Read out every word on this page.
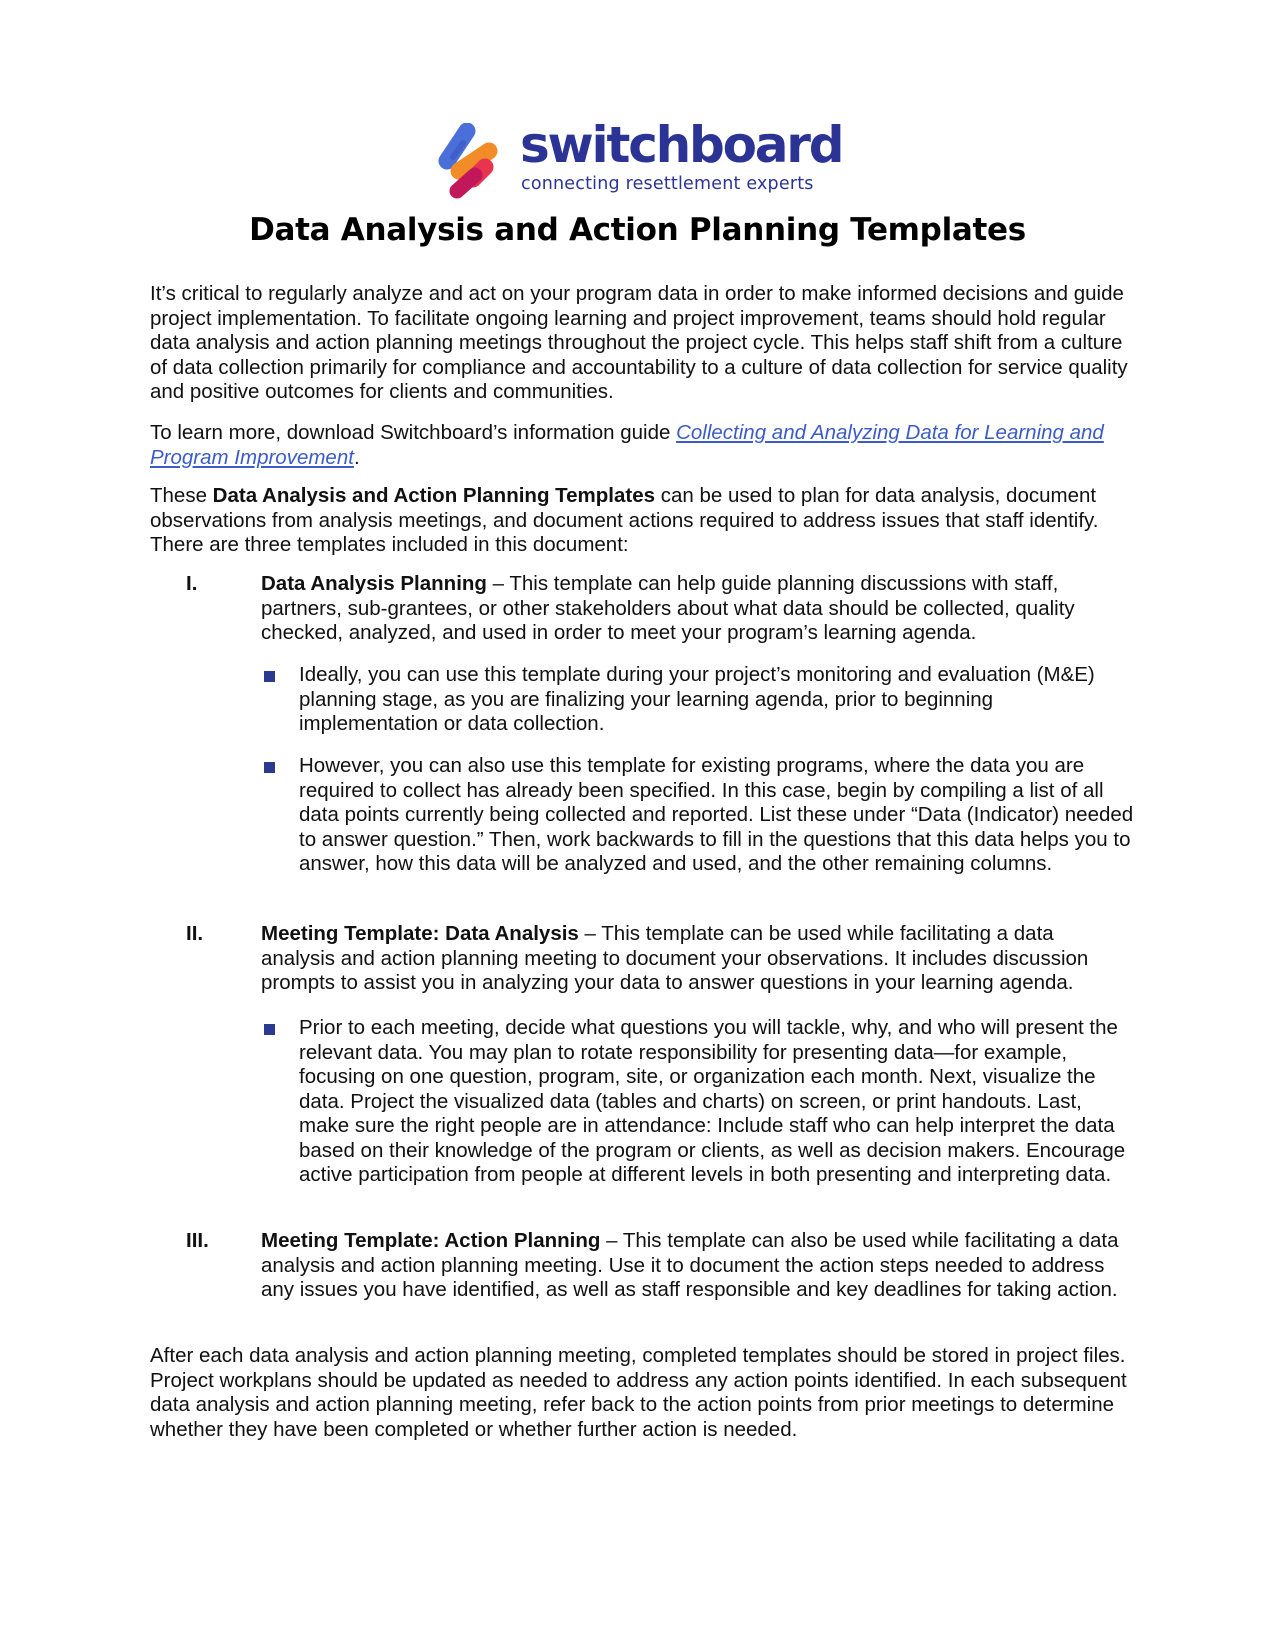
switchboard
connecting resettlement experts
Data Analysis and Action Planning Templates

It’s critical to regularly analyze and act on your program data in order to make informed decisions and guide project implementation. To facilitate ongoing learning and project improvement, teams should hold regular data analysis and action planning meetings throughout the project cycle. This helps staff shift from a culture of data collection primarily for compliance and accountability to a culture of data collection for service quality and positive outcomes for clients and communities.

To learn more, download Switchboard’s information guide Collecting and Analyzing Data for Learning and Program Improvement.

These Data Analysis and Action Planning Templates can be used to plan for data analysis, document observations from analysis meetings, and document actions required to address issues that staff identify. There are three templates included in this document:

I.	Data Analysis Planning – This template can help guide planning discussions with staff, partners, sub-grantees, or other stakeholders about what data should be collected, quality checked, analyzed, and used in order to meet your program’s learning agenda.

Ideally, you can use this template during your project’s monitoring and evaluation (M&E) planning stage, as you are finalizing your learning agenda, prior to beginning implementation or data collection.

However, you can also use this template for existing programs, where the data you are required to collect has already been specified. In this case, begin by compiling a list of all data points currently being collected and reported. List these under “Data (Indicator) needed to answer question.” Then, work backwards to fill in the questions that this data helps you to answer, how this data will be analyzed and used, and the other remaining columns.

II.	Meeting Template: Data Analysis – This template can be used while facilitating a data analysis and action planning meeting to document your observations. It includes discussion prompts to assist you in analyzing your data to answer questions in your learning agenda.

Prior to each meeting, decide what questions you will tackle, why, and who will present the relevant data. You may plan to rotate responsibility for presenting data—for example, focusing on one question, program, site, or organization each month. Next, visualize the data. Project the visualized data (tables and charts) on screen, or print handouts. Last, make sure the right people are in attendance: Include staff who can help interpret the data based on their knowledge of the program or clients, as well as decision makers. Encourage active participation from people at different levels in both presenting and interpreting data.

III.	Meeting Template: Action Planning – This template can also be used while facilitating a data analysis and action planning meeting. Use it to document the action steps needed to address any issues you have identified, as well as staff responsible and key deadlines for taking action.

After each data analysis and action planning meeting, completed templates should be stored in project files. Project workplans should be updated as needed to address any action points identified. In each subsequent data analysis and action planning meeting, refer back to the action points from prior meetings to determine whether they have been completed or whether further action is needed.
